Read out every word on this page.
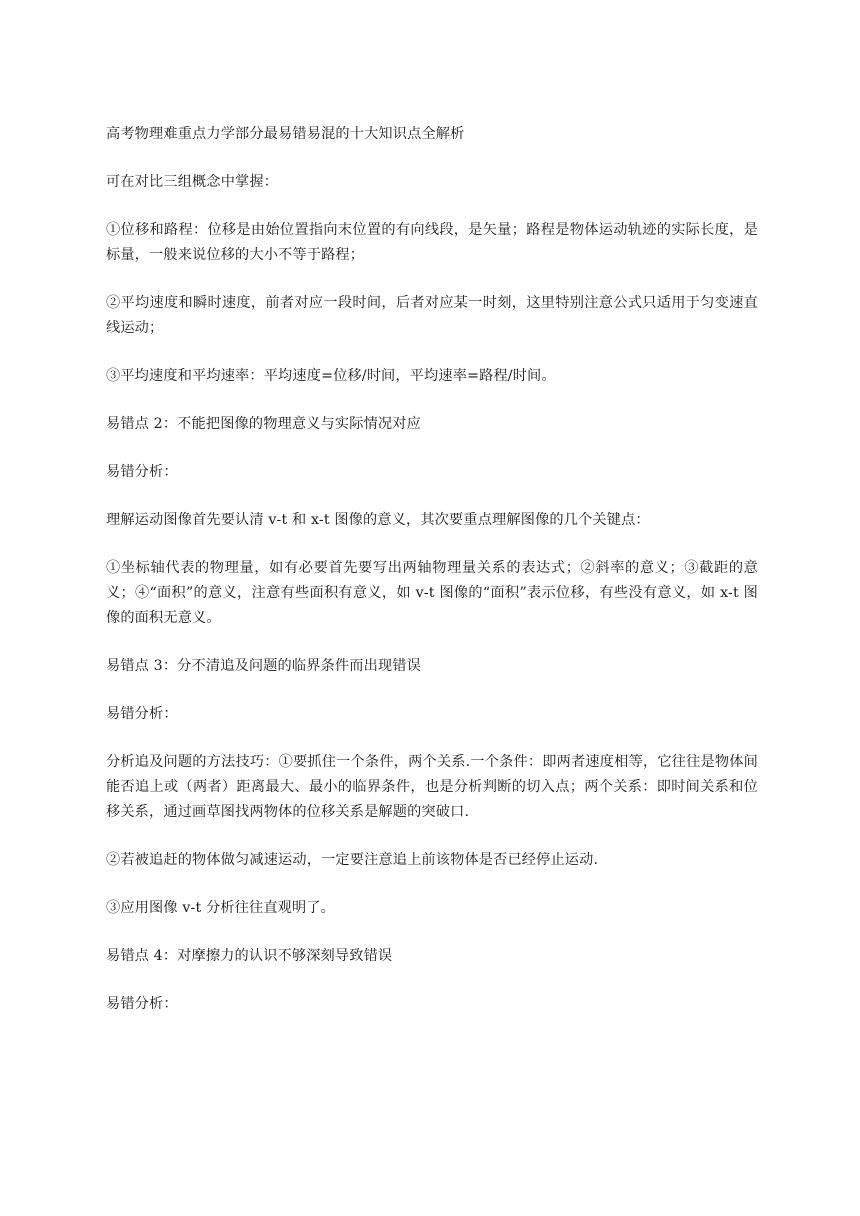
高考物理难重点力学部分最易错易混的十大知识点全解析

可在对比三组概念中掌握：

①位移和路程：位移是由始位置指向末位置的有向线段，是矢量；路程是物体运动轨迹的实际长度，是标量，一般来说位移的大小不等于路程；

②平均速度和瞬时速度，前者对应一段时间，后者对应某一时刻，这里特别注意公式只适用于匀变速直线运动；

③平均速度和平均速率：平均速度=位移/时间，平均速率=路程/时间。

易错点 2：不能把图像的物理意义与实际情况对应

易错分析：

理解运动图像首先要认清 v-t 和 x-t 图像的意义，其次要重点理解图像的几个关键点：

①坐标轴代表的物理量，如有必要首先要写出两轴物理量关系的表达式；②斜率的意义；③截距的意义；④“面积”的意义，注意有些面积有意义，如 v-t 图像的“面积”表示位移，有些没有意义，如 x-t 图像的面积无意义。

易错点 3：分不清追及问题的临界条件而出现错误

易错分析：

分析追及问题的方法技巧：①要抓住一个条件，两个关系.一个条件：即两者速度相等，它往往是物体间能否追上或（两者）距离最大、最小的临界条件，也是分析判断的切入点；两个关系：即时间关系和位移关系，通过画草图找两物体的位移关系是解题的突破口.

②若被追赶的物体做匀减速运动，一定要注意追上前该物体是否已经停止运动.

③应用图像 v-t 分析往往直观明了。

易错点 4：对摩擦力的认识不够深刻导致错误

易错分析：
